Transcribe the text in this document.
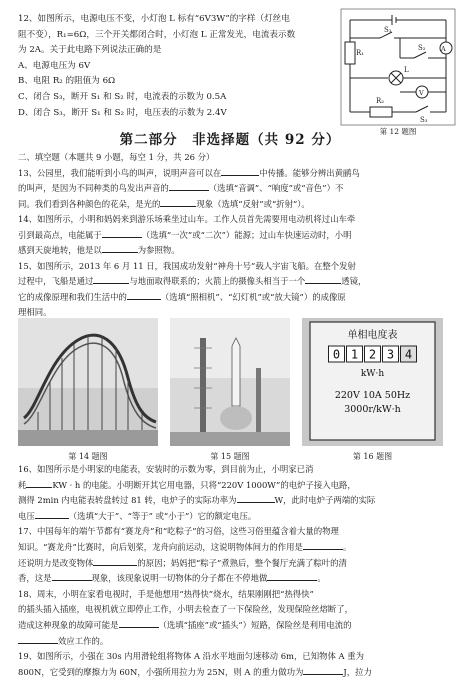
12、如图所示，电源电压不变，小灯泡 L 标有“6V3W”的字样（灯丝电

阻不变），R₁=6Ω，三个开关都闭合时，小灯泡 L 正常发光，电流表示数

为 2A。关于此电路下列说法正确的是

A、电源电压为 6V

B、电阻 R₂ 的阻值为 6Ω

C、闭合 S₃，断开 S₁ 和 S₂ 时，电流表的示数为 0.5A

D、闭合 S₃，断开 S₁ 和 S₂ 时，电压表的示数为 2.4V

A
V
R₁
R₂
S₁
S₂
S₃
L
第 12 题图
第二部分　非选择题（共 92 分）

二、填空题（本题共 9 小题，每空 1 分，共 26 分）

13、公园里，我们能听到小鸟的叫声，说明声音可以在	中传播。能够分辨出黄鹂鸟

的叫声，是因为不同种类的鸟发出声音的	（选填“音调”、“响度”或“音色”）不

同。我们看到各种颜色的花朵，是光的	现象（选填“反射”或“折射”）。

14、如图所示，小明和妈妈来到游乐场乘坐过山车。工作人员首先需要用电动机将过山车牵

引到最高点，电能属于	（选填“一次”或“二次”）能源；过山车快速运动时，小明

感到天旋地转，他是以	为参照物。

15、如图所示，2013 年 6 月 11 日，我国成功发射“神舟十号”载人宇宙飞船。在整个发射

过程中，飞船是通过	与地面取得联系的；火箭上的摄像头相当于一个	透镜，

它的成像原理和我们生活中的	（选填“照相机”、“幻灯机”或“放大镜”）的成像原

理相同。

第 14 题图	第 15 题图
单相电度表
0 1 2 3 4
kW·h
220V 10A 50Hz
3000r/kW·h
第 16 题图

16、如图所示是小明家的电能表，安装时的示数为零，到目前为止，小明家已消

耗	KW · h 的电能。小明断开其它用电器，只将“220V 1000W”的电炉子接入电路，

测得 2min 内电能表转盘转过 81 转，电炉子的实际功率为	W，此时电炉子两端的实际

电压	（选填“大于”、“等于” 或“小于”）它的额定电压。

17、中国每年的端午节都有“赛龙舟”和“吃粽子”的习俗，这些习俗里蕴含着大量的物理

知识。“赛龙舟”比赛时，向后划桨，龙舟向前运动，这说明物体间力的作用是	。

还说明力是改变物体	的原因；妈妈把“粽子”煮熟后，整个餐厅充满了粽叶的清

香，这是	现象，该现象说明一切物体的分子都在不停地做	。

18、周末，小明在家看电视时，手是他想用“热得快”烧水，结果刚刚把“热得快”

的插头插入插座，电视机就立即停止工作，小明去检查了一下保险丝，发现保险丝熔断了，

造成这种现象的故障可能是	（选填“插座”或“插头”）短路，保险丝是利用电流的

效应工作的。

19、如图所示，小强在 30s 内用滑轮组将物体 A 沿水平地面匀速移动 6m，已知物体 A 重为

800N，它受到的摩擦力为 60N，小强所用拉力为 25N，则 A 的重力做功为	J，拉力
